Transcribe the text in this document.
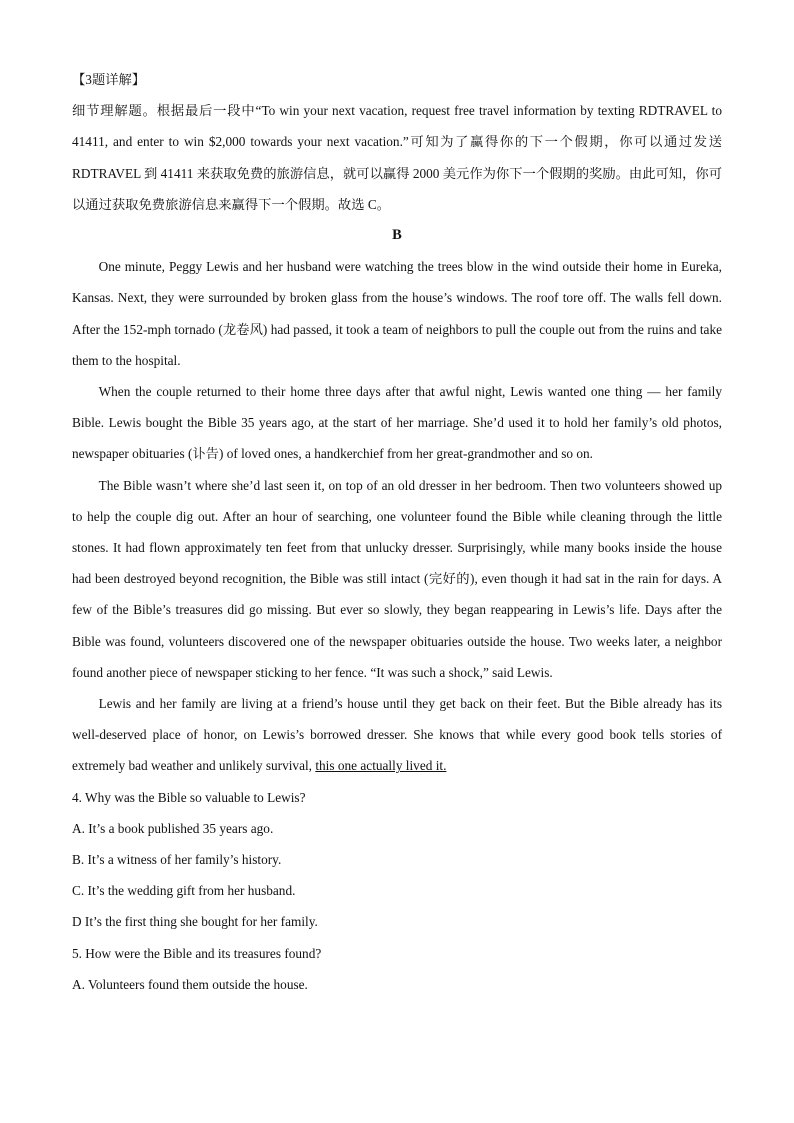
【3题详解】

细节理解题。根据最后一段中“To win your next vacation, request free travel information by texting RDTRAVEL to 41411, and enter to win $2,000 towards your next vacation.”可知为了赢得你的下一个假期，你可以通过发送 RDTRAVEL 到 41411 来获取免费的旅游信息，就可以赢得 2000 美元作为你下一个假期的奖励。由此可知，你可以通过获取免费旅游信息来赢得下一个假期。故选 C。

B

One minute, Peggy Lewis and her husband were watching the trees blow in the wind outside their home in Eureka, Kansas. Next, they were surrounded by broken glass from the house’s windows. The roof tore off. The walls fell down. After the 152-mph tornado (龙卷风) had passed, it took a team of neighbors to pull the couple out from the ruins and take them to the hospital.

When the couple returned to their home three days after that awful night, Lewis wanted one thing — her family Bible. Lewis bought the Bible 35 years ago, at the start of her marriage. She’d used it to hold her family’s old photos, newspaper obituaries (讣告) of loved ones, a handkerchief from her great-grandmother and so on.

The Bible wasn’t where she’d last seen it, on top of an old dresser in her bedroom. Then two volunteers showed up to help the couple dig out. After an hour of searching, one volunteer found the Bible while cleaning through the little stones. It had flown approximately ten feet from that unlucky dresser. Surprisingly, while many books inside the house had been destroyed beyond recognition, the Bible was still intact (完好的), even though it had sat in the rain for days. A few of the Bible’s treasures did go missing. But ever so slowly, they began reappearing in Lewis’s life. Days after the Bible was found, volunteers discovered one of the newspaper obituaries outside the house. Two weeks later, a neighbor found another piece of newspaper sticking to her fence. “It was such a shock,” said Lewis.

Lewis and her family are living at a friend’s house until they get back on their feet. But the Bible already has its well-deserved place of honor, on Lewis’s borrowed dresser. She knows that while every good book tells stories of extremely bad weather and unlikely survival, this one actually lived it.

4. Why was the Bible so valuable to Lewis?

A. It’s a book published 35 years ago.

B. It’s a witness of her family’s history.

C. It’s the wedding gift from her husband.

D It’s the first thing she bought for her family.

5. How were the Bible and its treasures found?

A. Volunteers found them outside the house.
